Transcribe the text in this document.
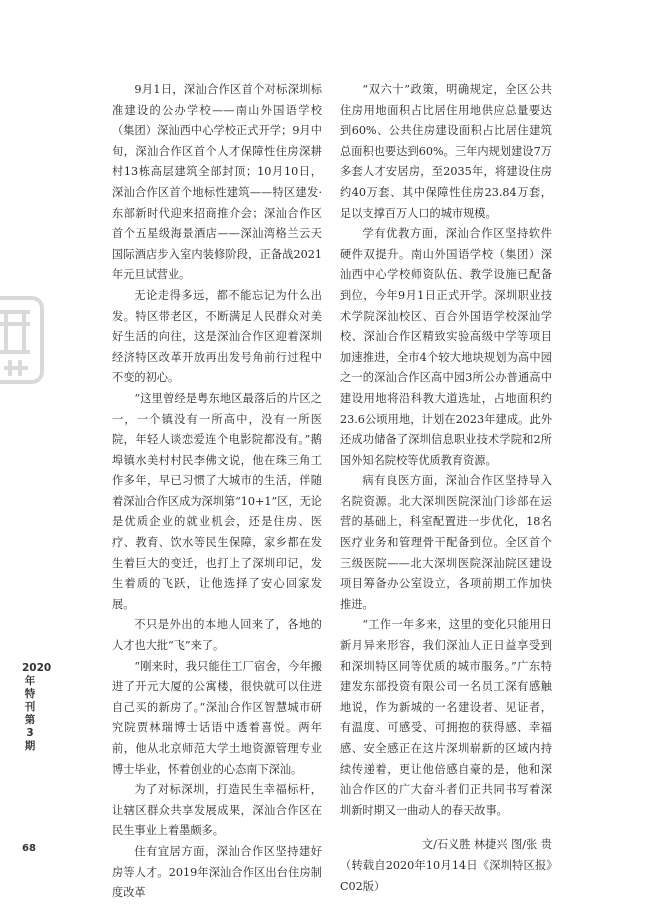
9月1日，深汕合作区首个对标深圳标准建设的公办学校——南山外国语学校（集团）深汕西中心学校正式开学；9月中旬，深汕合作区首个人才保障性住房深耕村13栋高层建筑全部封顶；10月10日，深汕合作区首个地标性建筑——特区建发·东部新时代迎来招商推介会；深汕合作区首个五星级海景酒店——深汕湾格兰云天国际酒店步入室内装修阶段，正备战2021年元旦试营业。

无论走得多远，都不能忘记为什么出发。特区带老区，不断满足人民群众对美好生活的向往，这是深汕合作区迎着深圳经济特区改革开放再出发号角前行过程中不变的初心。

“这里曾经是粤东地区最落后的片区之一，一个镇没有一所高中，没有一所医院，年轻人谈恋爱连个电影院都没有。”鹅埠镇水美村村民李佛文说，他在珠三角工作多年，早已习惯了大城市的生活，伴随着深汕合作区成为深圳第“10+1”区，无论是优质企业的就业机会，还是住房、医疗、教育、饮水等民生保障，家乡都在发生着巨大的变迁，也打上了深圳印记，发生着质的飞跃，让他选择了安心回家发展。

不只是外出的本地人回来了，各地的人才也大批“飞”来了。

“刚来时，我只能住工厂宿舍，今年搬进了开元大厦的公寓楼，很快就可以住进自己买的新房了。”深汕合作区智慧城市研究院贾林瑞博士话语中透着喜悦。两年前，他从北京师范大学土地资源管理专业博士毕业，怀着创业的心态南下深汕。

为了对标深圳，打造民生幸福标杆，让辖区群众共享发展成果，深汕合作区在民生事业上着墨颇多。

住有宜居方面，深汕合作区坚持建好房等人才。2019年深汕合作区出台住房制度改革

“双六十”政策，明确规定，全区公共住房用地面积占比居住用地供应总量要达到60%、公共住房建设面积占比居住建筑总面积也要达到60%。三年内规划建设7万多套人才安居房，至2035年，将建设住房约40万套、其中保障性住房23.84万套，足以支撑百万人口的城市规模。

学有优教方面，深汕合作区坚持软件硬件双提升。南山外国语学校（集团）深汕西中心学校师资队伍、教学设施已配备到位，今年9月1日正式开学。深圳职业技术学院深汕校区、百合外国语学校深汕学校、深汕合作区精致实验高级中学等项目加速推进，全市4个较大地块规划为高中园之一的深汕合作区高中园3所公办普通高中建设用地将沿科教大道选址，占地面积约23.6公顷用地，计划在2023年建成。此外还成功储备了深圳信息职业技术学院和2所国外知名院校等优质教育资源。

病有良医方面，深汕合作区坚持导入名院资源。北大深圳医院深汕门诊部在运营的基础上，科室配置进一步优化，18名医疗业务和管理骨干配备到位。全区首个三级医院——北大深圳医院深汕院区建设项目筹备办公室设立，各项前期工作加快推进。

“工作一年多来，这里的变化只能用日新月异来形容，我们深汕人正日益享受到和深圳特区同等优质的城市服务。”广东特建发东部投资有限公司一名员工深有感触地说，作为新城的一名建设者、见证者，有温度、可感受、可拥抱的获得感、幸福感、安全感正在这片深圳崭新的区域内持续传递着，更让他倍感自豪的是，他和深汕合作区的广大奋斗者们正共同书写着深圳新时期又一曲动人的春天故事。

文/石义胜 林捷兴 图/张 贵

（转载自2020年10月14日《深圳特区报》C02版）

2020年
特刊
第3期
68
